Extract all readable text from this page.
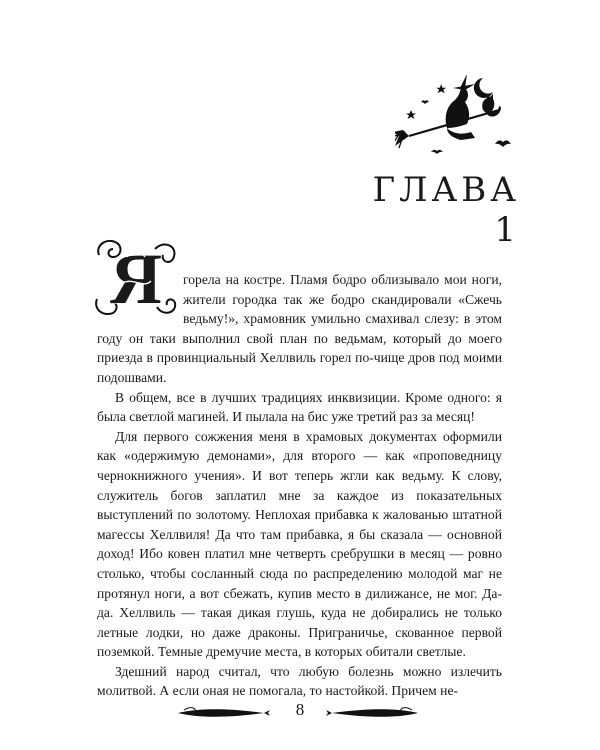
ГЛАВА 1
Я	горела на костре. Пламя бодро облизывало мои ноги, жители городка так же бодро скандировали «Сжечь ведьму!», храмовник умильно смахивал слезу: в этом году он таки выполнил свой план по ведьмам, который до моего приезда в провинциальный Хеллвиль горел по‑чище дров под моими подошвами.

В общем, все в лучших традициях инквизиции. Кроме одного: я была светлой магиней. И пылала на бис уже третий раз за месяц!

Для первого сожжения меня в храмовых документах оформили как «одержимую демонами», для второго — как «проповедницу чернокнижного учения». И вот теперь жгли как ведьму. К слову, служитель богов заплатил мне за каждое из показательных выступлений по золотому. Неплохая прибавка к жалованью штатной магессы Хеллвиля! Да что там прибавка, я бы сказала — основной доход! Ибо ковен платил мне четверть сребрушки в месяц — ровно столько, чтобы сосланный сюда по распределению молодой маг не протянул ноги, а вот сбежать, купив место в дилижансе, не мог. Да-да. Хеллвиль — такая дикая глушь, куда не добирались не только летные лодки, но даже драконы. Приграничье, скованное первой поземкой. Темные дремучие места, в которых обитали светлые.

Здешний народ считал, что любую болезнь можно излечить молитвой. А если оная не помогала, то настойкой. Причем не-

8
